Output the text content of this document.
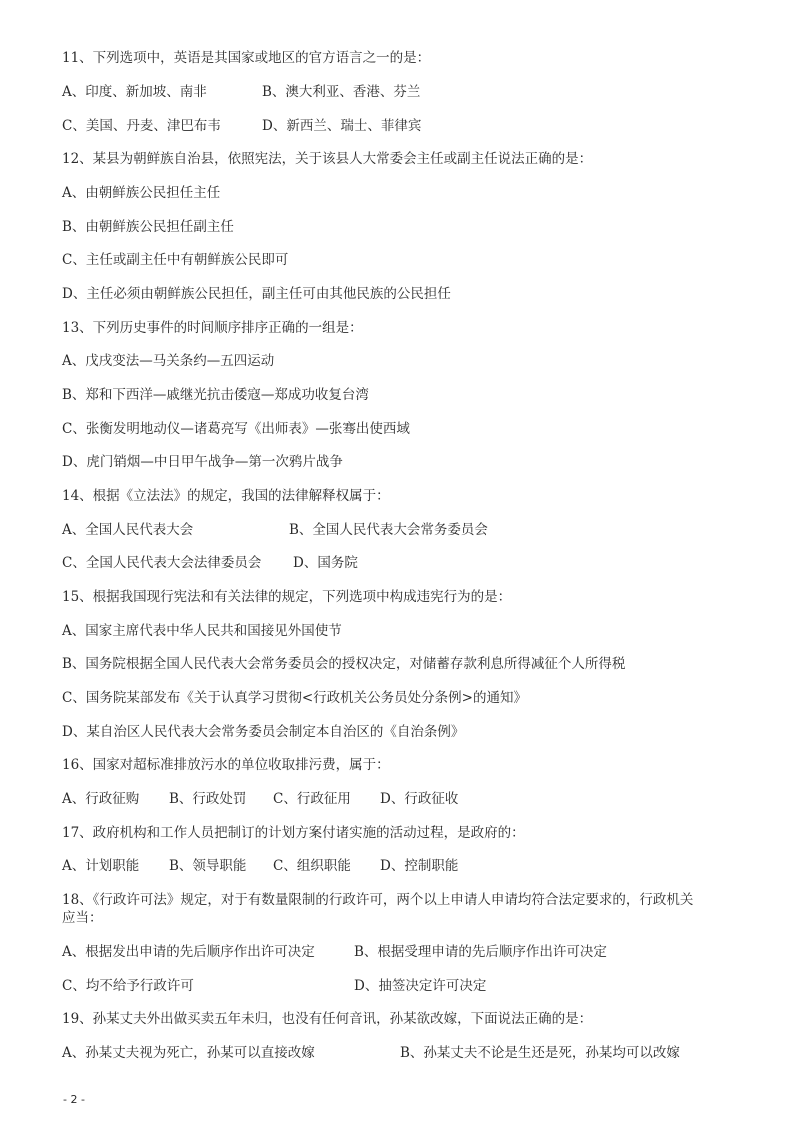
11、下列选项中，英语是其国家或地区的官方语言之一的是：
A、印度、新加坡、南非	B、澳大利亚、香港、芬兰
C、美国、丹麦、津巴布韦	D、新西兰、瑞士、菲律宾
12、某县为朝鲜族自治县，依照宪法，关于该县人大常委会主任或副主任说法正确的是：
A、由朝鲜族公民担任主任
B、由朝鲜族公民担任副主任
C、主任或副主任中有朝鲜族公民即可
D、主任必须由朝鲜族公民担任，副主任可由其他民族的公民担任
13、下列历史事件的时间顺序排序正确的一组是：
A、戊戌变法—马关条约—五四运动
B、郑和下西洋—戚继光抗击倭寇—郑成功收复台湾
C、张衡发明地动仪—诸葛亮写《出师表》—张骞出使西域
D、虎门销烟—中日甲午战争—第一次鸦片战争
14、根据《立法法》的规定，我国的法律解释权属于：
A、全国人民代表大会	B、全国人民代表大会常务委员会
C、全国人民代表大会法律委员会 D、国务院
15、根据我国现行宪法和有关法律的规定，下列选项中构成违宪行为的是：
A、国家主席代表中华人民共和国接见外国使节
B、国务院根据全国人民代表大会常务委员会的授权决定，对储蓄存款利息所得减征个人所得税
C、国务院某部发布《关于认真学习贯彻<行政机关公务员处分条例>的通知》
D、某自治区人民代表大会常务委员会制定本自治区的《自治条例》
16、国家对超标准排放污水的单位收取排污费，属于：
A、行政征购 B、行政处罚 C、行政征用 D、行政征收
17、政府机构和工作人员把制订的计划方案付诸实施的活动过程，是政府的：
A、计划职能 B、领导职能 C、组织职能 D、控制职能
18、《行政许可法》规定，对于有数量限制的行政许可，两个以上申请人申请均符合法定要求的，行政机关
应当：
A、根据发出申请的先后顺序作出许可决定	B、根据受理申请的先后顺序作出许可决定
C、均不给予行政许可	D、抽签决定许可决定
19、孙某丈夫外出做买卖五年未归，也没有任何音讯，孙某欲改嫁，下面说法正确的是：
A、孙某丈夫视为死亡，孙某可以直接改嫁	B、孙某丈夫不论是生还是死，孙某均可以改嫁
- 2 -
